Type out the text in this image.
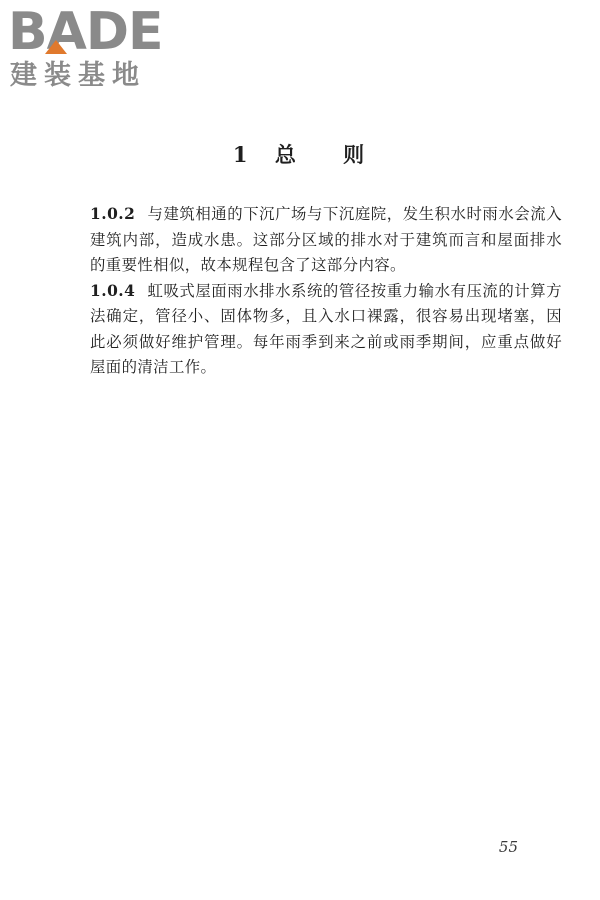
BADE
建装基地
1 总 则

1.0.2 与建筑相通的下沉广场与下沉庭院，发生积水时雨水会流入建筑内部，造成水患。这部分区域的排水对于建筑而言和屋面排水的重要性相似，故本规程包含了这部分内容。

1.0.4 虹吸式屋面雨水排水系统的管径按重力输水有压流的计算方法确定，管径小、固体物多，且入水口裸露，很容易出现堵塞，因此必须做好维护管理。每年雨季到来之前或雨季期间，应重点做好屋面的清洁工作。

55
